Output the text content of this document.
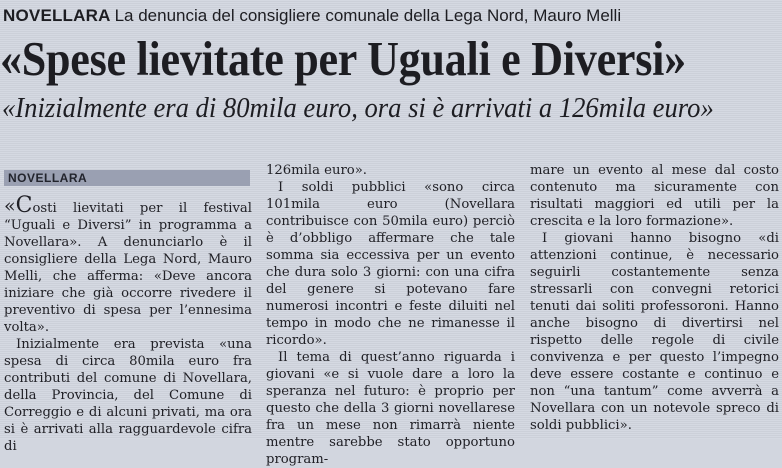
NOVELLARA La denuncia del consigliere comunale della Lega Nord, Mauro Melli
«Spese lievitate per Uguali e Diversi»
«Inizialmente era di 80mila euro, ora si è arrivati a 126mila euro»
NOVELLARA

«Costi lievitati per il festival “Uguali e Diversi” in programma a Novellara». A denunciarlo è il consigliere della Lega Nord, Mauro Melli, che afferma: «Deve ancora iniziare che già occorre rivedere il preventivo di spesa per l’ennesima volta».

Inizialmente era prevista «una spesa di circa 80mila euro fra contributi del comune di Novellara, della Provincia, del Comune di Correggio e di alcuni privati, ma ora si è arrivati alla ragguardevole cifra di

126mila euro».

I soldi pubblici «sono circa 101mila euro (Novellara contribuisce con 50mila euro) perciò è d’obbligo affermare che tale somma sia eccessiva per un evento che dura solo 3 giorni: con una cifra del genere si potevano fare numerosi incontri e feste diluiti nel tempo in modo che ne rimanesse il ricordo».

Il tema di quest’anno riguarda i giovani «e si vuole dare a loro la speranza nel futuro: è proprio per questo che della 3 giorni novellarese fra un mese non rimarrà niente mentre sarebbe stato opportuno program-

mare un evento al mese dal costo contenuto ma sicuramente con risultati maggiori ed utili per la crescita e la loro formazione».

I giovani hanno bisogno «di attenzioni continue, è necessario seguirli costantemente senza stressarli con convegni retorici tenuti dai soliti professoroni. Hanno anche bisogno di divertirsi nel rispetto delle regole di civile convivenza e per questo l’impegno deve essere costante e continuo e non “una tantum” come avverrà a Novellara con un notevole spreco di soldi pubblici».
